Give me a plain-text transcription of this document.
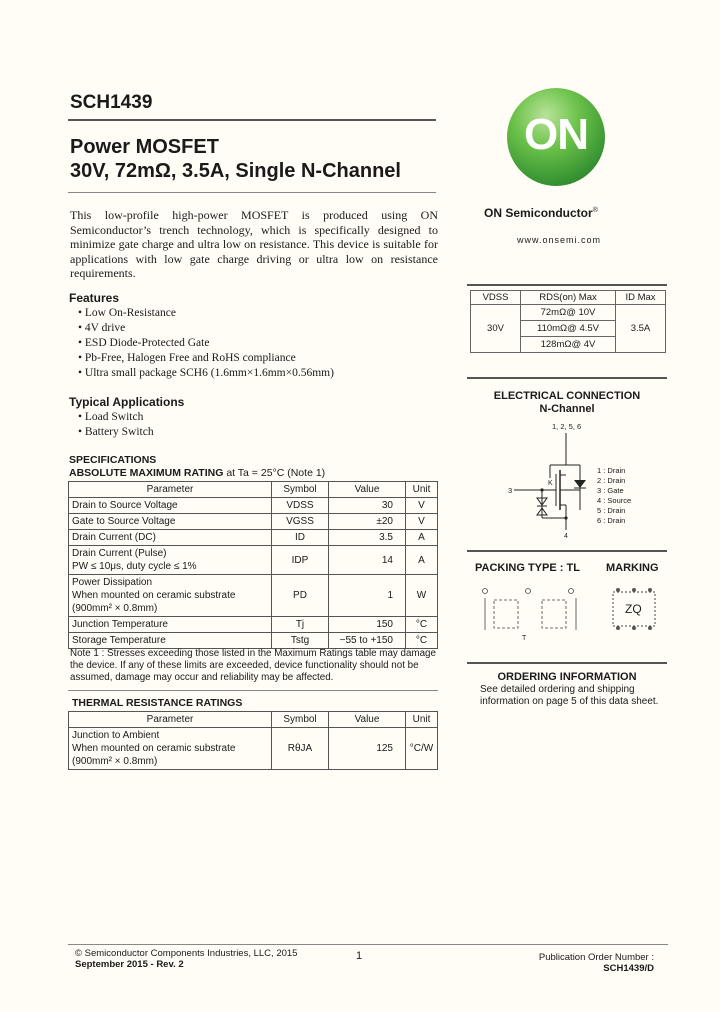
SCH1439
Power MOSFET
30V, 72mΩ, 3.5A, Single N-Channel
This low-profile high-power MOSFET is produced using ON Semiconductor’s trench technology, which is specifically designed to minimize gate charge and ultra low on resistance. This device is suitable for applications with low gate charge driving or ultra low on resistance requirements.
Features
• Low On-Resistance
• 4V drive
• ESD Diode-Protected Gate
• Pb-Free, Halogen Free and RoHS compliance
• Ultra small package SCH6 (1.6mm×1.6mm×0.56mm)
Typical Applications
• Load Switch
• Battery Switch
SPECIFICATIONS
ABSOLUTE MAXIMUM RATING at Ta = 25°C (Note 1)
Parameter	Symbol	Value	Unit
Drain to Source Voltage	VDSS	30	V
Gate to Source Voltage	VGSS	±20	V
Drain Current (DC)	ID	3.5	A

Drain Current (Pulse)
PW ≤ 10μs, duty cycle ≤ 1%	IDP	14	A

Power Dissipation
When mounted on ceramic substrate
(900mm² × 0.8mm)	PD	1	W
Junction Temperature	Tj	150	°C
Storage Temperature	Tstg	−55 to +150	°C
Note 1 : Stresses exceeding those listed in the Maximum Ratings table may damage the device. If any of these limits are exceeded, device functionality should not be assumed, damage may occur and reliability may be affected.
THERMAL RESISTANCE RATINGS
Parameter	Symbol	Value	Unit

Junction to Ambient
When mounted on ceramic substrate
(900mm² × 0.8mm)	RθJA	125	°C/W
ON
ON Semiconductor®
www.onsemi.com
VDSS	RDS(on) Max	ID Max
30V	72mΩ@ 10V	3.5A
	110mΩ@ 4.5V	
	128mΩ@ 4V	
ELECTRICAL CONNECTION
N-Channel
1, 2, 5, 6
3
K
4
1 : Drain
2 : Drain
3 : Gate
4 : Source
5 : Drain
6 : Drain
PACKING TYPE : TL MARKING
T
ZQ
ORDERING INFORMATION
See detailed ordering and shipping information on page 5 of this data sheet.
© Semiconductor Components Industries, LLC, 2015
September 2015 - Rev. 2
1	Publication Order Number :
SCH1439/D
